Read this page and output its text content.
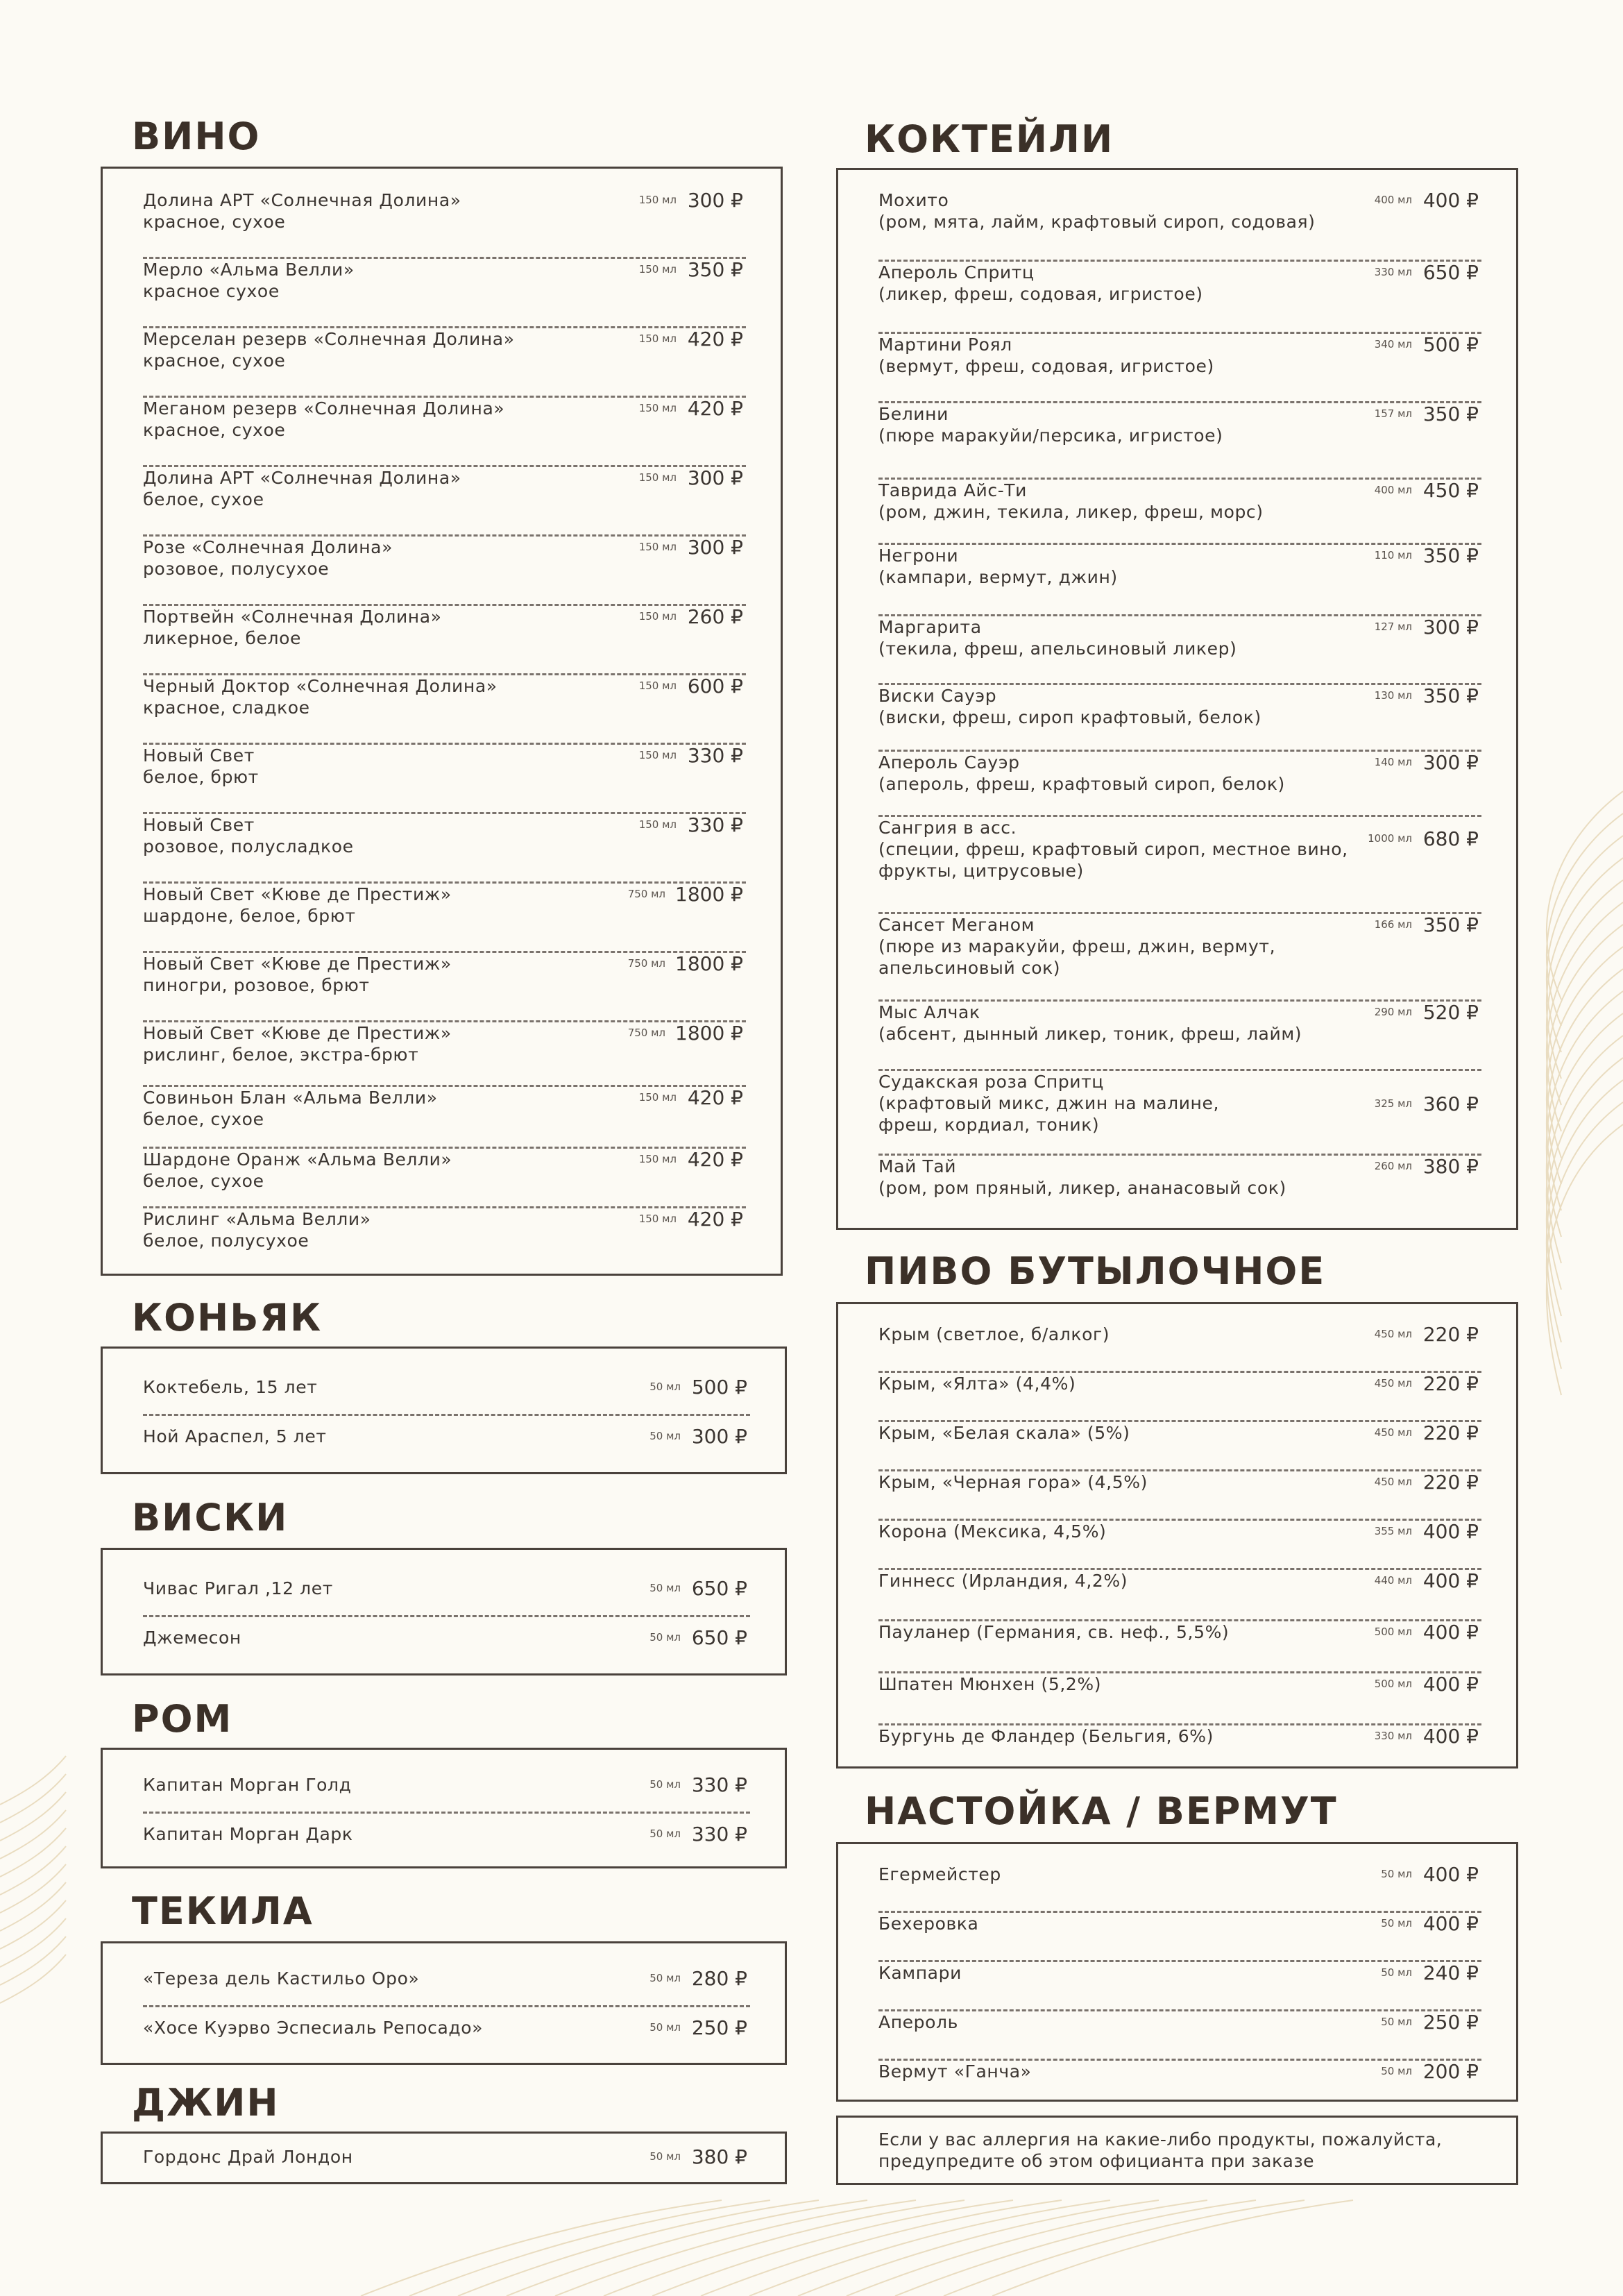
ВИНО
Долина АРТ «Солнечная Долина»
красное, сухое
150 мл 300 ₽
Мерло «Альма Велли»
красное сухое
150 мл 350 ₽
Мерселан резерв «Солнечная Долина»
красное, сухое
150 мл 420 ₽
Меганом резерв «Солнечная Долина»
красное, сухое
150 мл 420 ₽
Долина АРТ «Солнечная Долина»
белое, сухое
150 мл 300 ₽
Розе «Солнечная Долина»
розовое, полусухое
150 мл 300 ₽
Портвейн «Солнечная Долина»
ликерное, белое
150 мл 260 ₽
Черный Доктор «Солнечная Долина»
красное, сладкое
150 мл 600 ₽
Новый Свет
белое, брют
150 мл 330 ₽
Новый Свет
розовое, полусладкое
150 мл 330 ₽
Новый Свет «Кюве де Престиж»
шардоне, белое, брют
750 мл 1800 ₽
Новый Свет «Кюве де Престиж»
пиногри, розовое, брют
750 мл 1800 ₽
Новый Свет «Кюве де Престиж»
рислинг, белое, экстра-брют
750 мл 1800 ₽
Совиньон Блан «Альма Велли»
белое, сухое
150 мл 420 ₽
Шардоне Оранж «Альма Велли»
белое, сухое
150 мл 420 ₽
Рислинг «Альма Велли»
белое, полусухое
150 мл 420 ₽
КОНЬЯК
Коктебель, 15 лет	50 мл 500 ₽
Ной Араспел, 5 лет	50 мл 300 ₽
ВИСКИ
Чивас Ригал ,12 лет	50 мл 650 ₽
Джемесон	50 мл 650 ₽
РОМ
Капитан Морган Голд	50 мл 330 ₽
Капитан Морган Дарк	50 мл 330 ₽
ТЕКИЛА
«Тереза дель Кастильо Оро»	50 мл 280 ₽
«Хосе Куэрво Эспесиаль Репосадо»	50 мл 250 ₽
ДЖИН
Гордонс Драй Лондон	50 мл 380 ₽
КОКТЕЙЛИ
Мохито
(ром, мята, лайм, крафтовый сироп, содовая)
400 мл 400 ₽
Апероль Спритц
(ликер, фреш, содовая, игристое)
330 мл 650 ₽
Мартини Роял
(вермут, фреш, содовая, игристое)
340 мл 500 ₽
Белини
(пюре маракуйи/персика, игристое)
157 мл 350 ₽
Таврида Айс-Ти
(ром, джин, текила, ликер, фреш, морс)
400 мл 450 ₽
Негрони
(кампари, вермут, джин)
110 мл 350 ₽
Маргарита
(текила, фреш, апельсиновый ликер)
127 мл 300 ₽
Виски Сауэр
(виски, фреш, сироп крафтовый, белок)
130 мл 350 ₽
Апероль Сауэр
(апероль, фреш, крафтовый сироп, белок)
140 мл 300 ₽
Сангрия в асс.
(специи, фреш, крафтовый сироп, местное вино,
фрукты, цитрусовые)
1000 мл 680 ₽
Сансет Меганом
(пюре из маракуйи, фреш, джин, вермут,
апельсиновый сок)
166 мл 350 ₽
Мыс Алчак
(абсент, дынный ликер, тоник, фреш, лайм)
290 мл 520 ₽
Судакская роза Спритц
(крафтовый микс, джин на малине,
фреш, кордиал, тоник)
325 мл 360 ₽
Май Тай
(ром, ром пряный, ликер, ананасовый сок)
260 мл 380 ₽
ПИВО БУТЫЛОЧНОЕ
Крым (светлое, б/алког)	450 мл 220 ₽
Крым, «Ялта» (4,4%)	450 мл 220 ₽
Крым, «Белая скала» (5%)	450 мл 220 ₽
Крым, «Черная гора» (4,5%)	450 мл 220 ₽
Корона (Мексика, 4,5%)	355 мл 400 ₽
Гиннесс (Ирландия, 4,2%)	440 мл 400 ₽
Пауланер (Германия, св. неф., 5,5%)	500 мл 400 ₽
Шпатен Мюнхен (5,2%)	500 мл 400 ₽
Бургунь де Фландер (Бельгия, 6%)	330 мл 400 ₽
НАСТОЙКА / ВЕРМУТ
Егермейстер	50 мл 400 ₽
Бехеровка	50 мл 400 ₽
Кампари	50 мл 240 ₽
Апероль	50 мл 250 ₽
Вермут «Ганча»	50 мл 200 ₽
Если у вас аллергия на какие-либо продукты, пожалуйста,
предупредите об этом официанта при заказе
